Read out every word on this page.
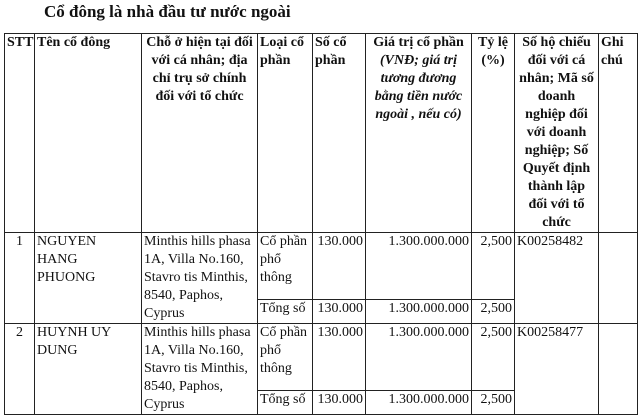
Cổ đông là nhà đầu tư nước ngoài
STT	Tên cổ đông	Chỗ ở hiện tại đối với cá nhân; địa chỉ trụ sở chính đối với tổ chức	Loại cổ phần	Số cổ phần	Giá trị cổ phần (VNĐ; giá trị tương đương bằng tiền nước ngoài , nếu có)	Tỷ lệ (%)	Số hộ chiếu đối với cá nhân; Mã số doanh nghiệp đối với doanh nghiệp; Số Quyết định thành lập đối với tổ chức	Ghi chú
1	NGUYEN HANG PHUONG	Minthis hills phasa 1A, Villa No.160, Stavro tis Minthis, 8540, Paphos, Cyprus	Cổ phần phổ thông	130.000	1.300.000.000	2,500	K00258482	
			Tổng số	130.000	1.300.000.000	2,500		
2	HUYNH UY DUNG	Minthis hills phasa 1A, Villa No.160, Stavro tis Minthis, 8540, Paphos, Cyprus	Cổ phần phổ thông	130.000	1.300.000.000	2,500	K00258477	
			Tổng số	130.000	1.300.000.000	2,500		
